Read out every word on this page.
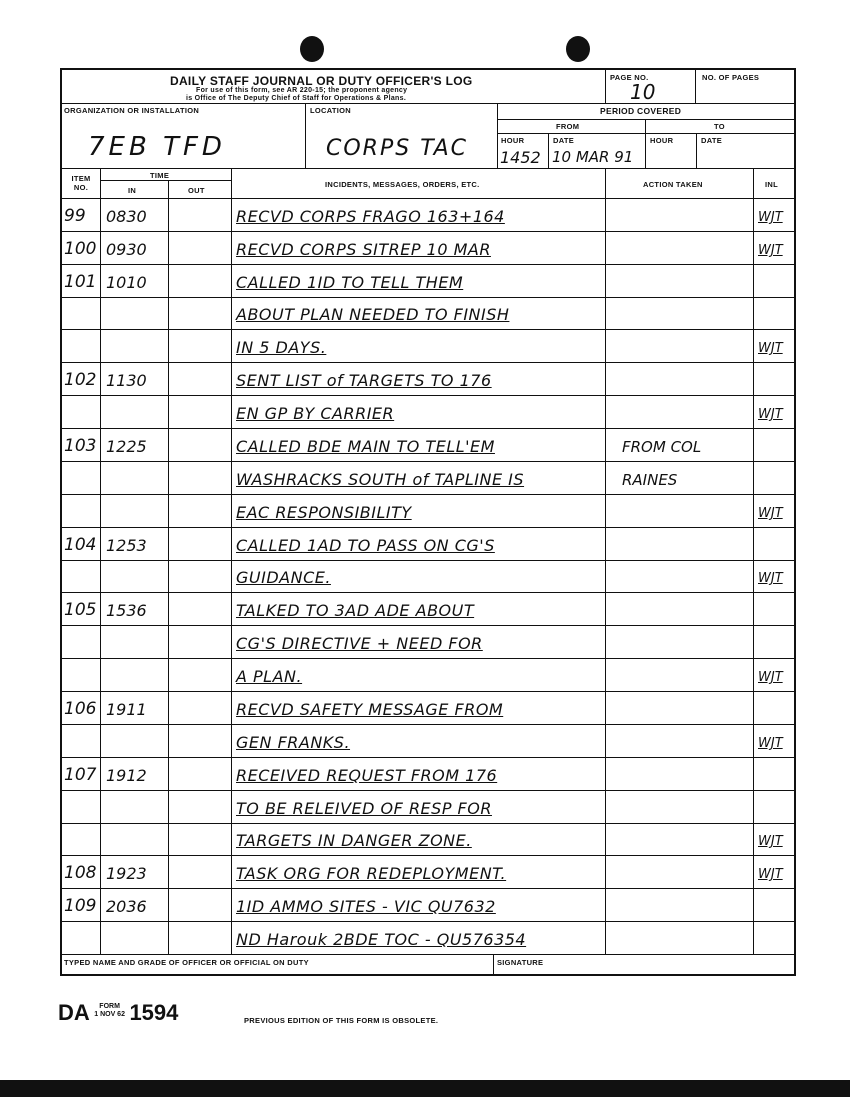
DAILY STAFF JOURNAL OR DUTY OFFICER'S LOG
For use of this form, see AR 220-15; the proponent agency
is Office of The Deputy Chief of Staff for Operations & Plans.
PAGE NO.
10
NO. OF PAGES
ORGANIZATION OR INSTALLATION
7EB TFD
LOCATION
CORPS TAC
PERIOD COVERED
FROM	TO
HOUR	DATE	HOUR	DATE
1452 10 MAR 91
ITEM NO.
TIME
IN	OUT
INCIDENTS, MESSAGES, ORDERS, ETC.	ACTION TAKEN	INL
99 0830	RECVD CORPS FRAGO 163+164	WJT
100 0930	RECVD CORPS SITREP 10 MAR	WJT
101 1010	CALLED 1ID TO TELL THEM
ABOUT PLAN NEEDED TO FINISH
IN 5 DAYS.	WJT
102 1130	SENT LIST of TARGETS TO 176
EN GP BY CARRIER	WJT
103 1225	CALLED BDE MAIN TO TELL'EM	FROM COL
WASHRACKS SOUTH of TAPLINE IS	RAINES
EAC RESPONSIBILITY	WJT
104 1253	CALLED 1AD TO PASS ON CG'S
GUIDANCE.	WJT
105 1536	TALKED TO 3AD ADE ABOUT
CG'S DIRECTIVE + NEED FOR
A PLAN.	WJT
106 1911	RECVD SAFETY MESSAGE FROM
GEN FRANKS.	WJT
107 1912	RECEIVED REQUEST FROM 176
TO BE RELEIVED OF RESP FOR
TARGETS IN DANGER ZONE.	WJT
108 1923	TASK ORG FOR REDEPLOYMENT.	WJT
109 2036	1ID AMMO SITES - VIC QU7632
ND Harouk 2BDE TOC - QU576354
TYPED NAME AND GRADE OF OFFICER OR OFFICIAL ON DUTY	SIGNATURE
DA FORM
1 NOV 62 1594	PREVIOUS EDITION OF THIS FORM IS OBSOLETE.
